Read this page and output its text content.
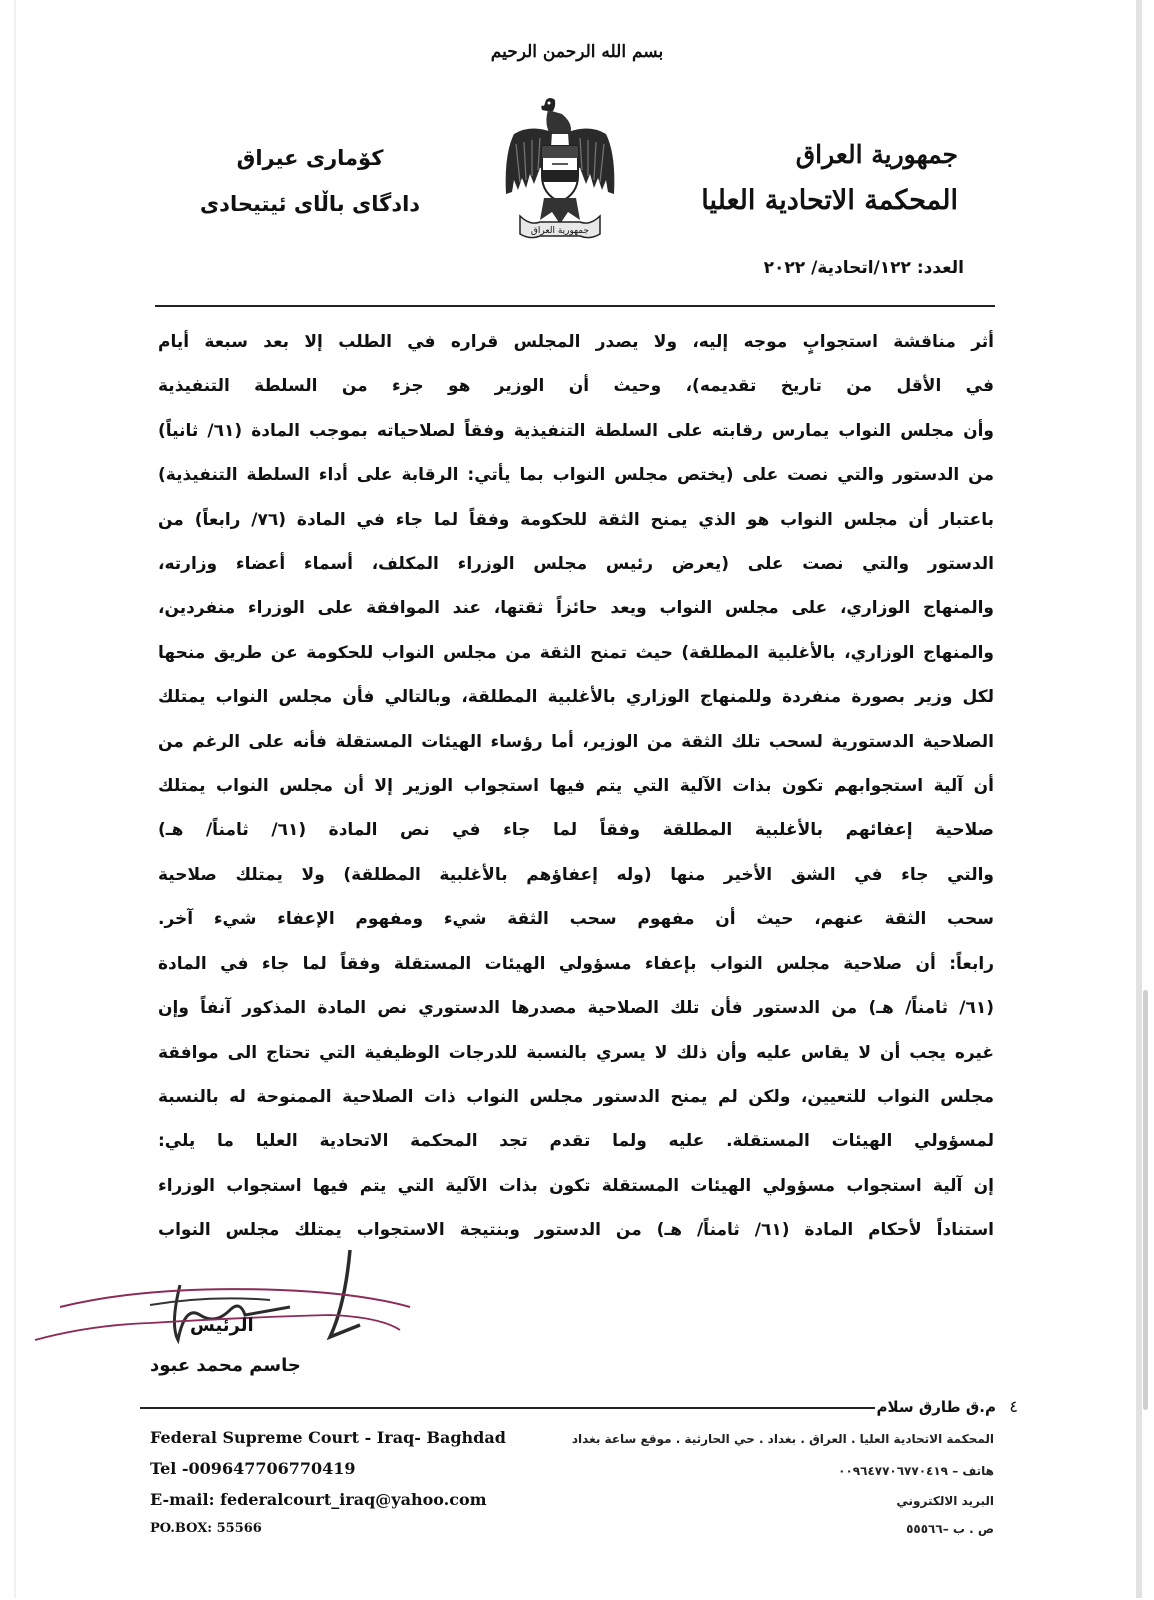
بسم الله الرحمن الرحيم
جمهورية العراق
المحكمة الاتحادية العليا
جمهورية العراق
كۆمارى عيراق
دادگاى باڵاى ئيتيحادى
العدد: ١٢٢/اتحادية/ ٢٠٢٢
أثر مناقشة استجوابٍ موجه إليه، ولا يصدر المجلس قراره في الطلب إلا بعد سبعة أيام
في الأقل من تاريخ تقديمه)، وحيث أن الوزير هو جزء من السلطة التنفيذية
وأن مجلس النواب يمارس رقابته على السلطة التنفيذية وفقاً لصلاحياته بموجب المادة (٦١/ ثانياً)
من الدستور والتي نصت على (يختص مجلس النواب بما يأتي: الرقابة على أداء السلطة التنفيذية)
باعتبار أن مجلس النواب هو الذي يمنح الثقة للحكومة وفقاً لما جاء في المادة (٧٦/ رابعاً) من
الدستور والتي نصت على (يعرض رئيس مجلس الوزراء المكلف، أسماء أعضاء وزارته،
والمنهاج الوزاري، على مجلس النواب ويعد حائزاً ثقتها، عند الموافقة على الوزراء منفردين،
والمنهاج الوزاري، بالأغلبية المطلقة) حيث تمنح الثقة من مجلس النواب للحكومة عن طريق منحها
لكل وزير بصورة منفردة وللمنهاج الوزاري بالأغلبية المطلقة، وبالتالي فأن مجلس النواب يمتلك
الصلاحية الدستورية لسحب تلك الثقة من الوزير، أما رؤساء الهيئات المستقلة فأنه على الرغم من
أن آلية استجوابهم تكون بذات الآلية التي يتم فيها استجواب الوزير إلا أن مجلس النواب يمتلك
صلاحية إعفائهم بالأغلبية المطلقة وفقاً لما جاء في نص المادة (٦١/ ثامناً/ هـ)
والتي جاء في الشق الأخير منها (وله إعفاؤهم بالأغلبية المطلقة) ولا يمتلك صلاحية
سحب الثقة عنهم، حيث أن مفهوم سحب الثقة شيء ومفهوم الإعفاء شيء آخر.
رابعاً: أن صلاحية مجلس النواب بإعفاء مسؤولي الهيئات المستقلة وفقاً لما جاء في المادة
(٦١/ ثامناً/ هـ) من الدستور فأن تلك الصلاحية مصدرها الدستوري نص المادة المذكور آنفاً وإن
غيره يجب أن لا يقاس عليه وأن ذلك لا يسري بالنسبة للدرجات الوظيفية التي تحتاج الى موافقة
مجلس النواب للتعيين، ولكن لم يمنح الدستور مجلس النواب ذات الصلاحية الممنوحة له بالنسبة
لمسؤولي الهيئات المستقلة. عليه ولما تقدم تجد المحكمة الاتحادية العليا ما يلي:
إن آلية استجواب مسؤولي الهيئات المستقلة تكون بذات الآلية التي يتم فيها استجواب الوزراء
استناداً لأحكام المادة (٦١/ ثامناً/ هـ) من الدستور وبنتيجة الاستجواب يمتلك مجلس النواب
الرئيس
جاسم محمد عبود
٤
م.ق طارق سلام
Federal Supreme Court - Iraq- Baghdad
Tel -009647706770419
E-mail: federalcourt_iraq@yahoo.com
PO.BOX: 55566
المحكمة الاتحادية العليا . العراق . بغداد . حي الحارثية . موقع ساعة بغداد
هاتف – ٠٠٩٦٤٧٧٠٦٧٧٠٤١٩
البريد الالكتروني
ص . ب –٥٥٥٦٦
